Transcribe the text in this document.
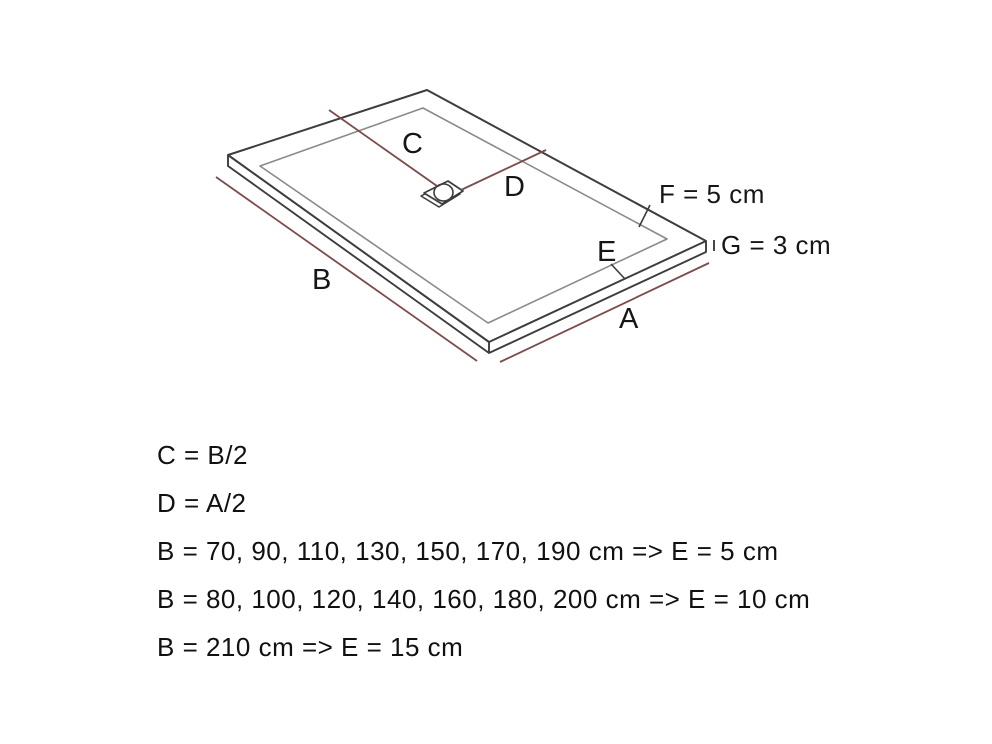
C
D
E
A
B
F = 5 cm
G = 3 cm
C = B/2
D = A/2
B = 70, 90, 110, 130, 150, 170, 190 cm => E = 5 cm
B = 80, 100, 120, 140, 160, 180, 200 cm => E = 10 cm
B = 210 cm => E = 15 cm
